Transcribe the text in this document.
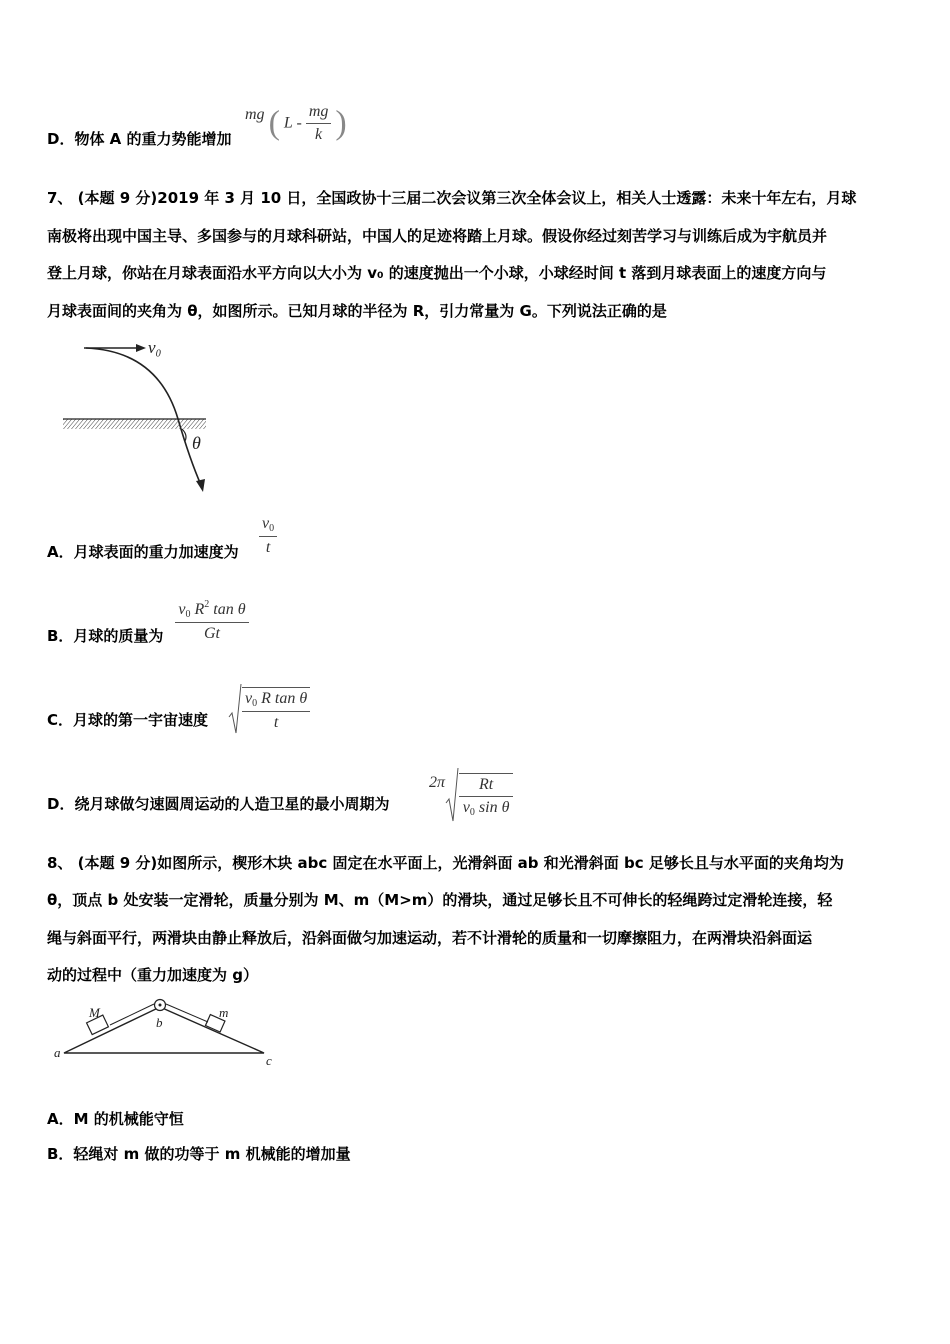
D．物体 A 的重力势能增加
mg ( L - $\frac{mg}{k}$ )
7、 (本题 9 分)2019 年 3 月 10 日，全国政协十三届二次会议第三次全体会议上，相关人士透露：未来十年左右，月球
南极将出现中国主导、多国参与的月球科研站，中国人的足迹将踏上月球。假设你经过刻苦学习与训练后成为宇航员并
登上月球，你站在月球表面沿水平方向以大小为 v₀ 的速度抛出一个小球，小球经时间 t 落到月球表面上的速度方向与
月球表面间的夹角为 θ，如图所示。已知月球的半径为 R，引力常量为 G。下列说法正确的是
v₀
θ
A．月球表面的重力加速度为 $\frac{v_0}{t}$
B．月球的质量为 $\frac{v_0 R^2 \tan \theta}{Gt}$
C．月球的第一宇宙速度 $\frac{v_0 R \tan \theta}{t}$
D．绕月球做匀速圆周运动的人造卫星的最小周期为
$2\pi \frac{Rt}{v_0 \sin \theta}$
8、 (本题 9 分)如图所示，楔形木块 abc 固定在水平面上，光滑斜面 ab 和光滑斜面 bc 足够长且与水平面的夹角均为
θ，顶点 b 处安装一定滑轮，质量分别为 M、m（M>m）的滑块，通过足够长且不可伸长的轻绳跨过定滑轮连接，轻
绳与斜面平行，两滑块由静止释放后，沿斜面做匀加速运动，若不计滑轮的质量和一切摩擦阻力，在两滑块沿斜面运
动的过程中（重力加速度为 g）
M	m
a
b
c
A．M 的机械能守恒
B．轻绳对 m 做的功等于 m 机械能的增加量
